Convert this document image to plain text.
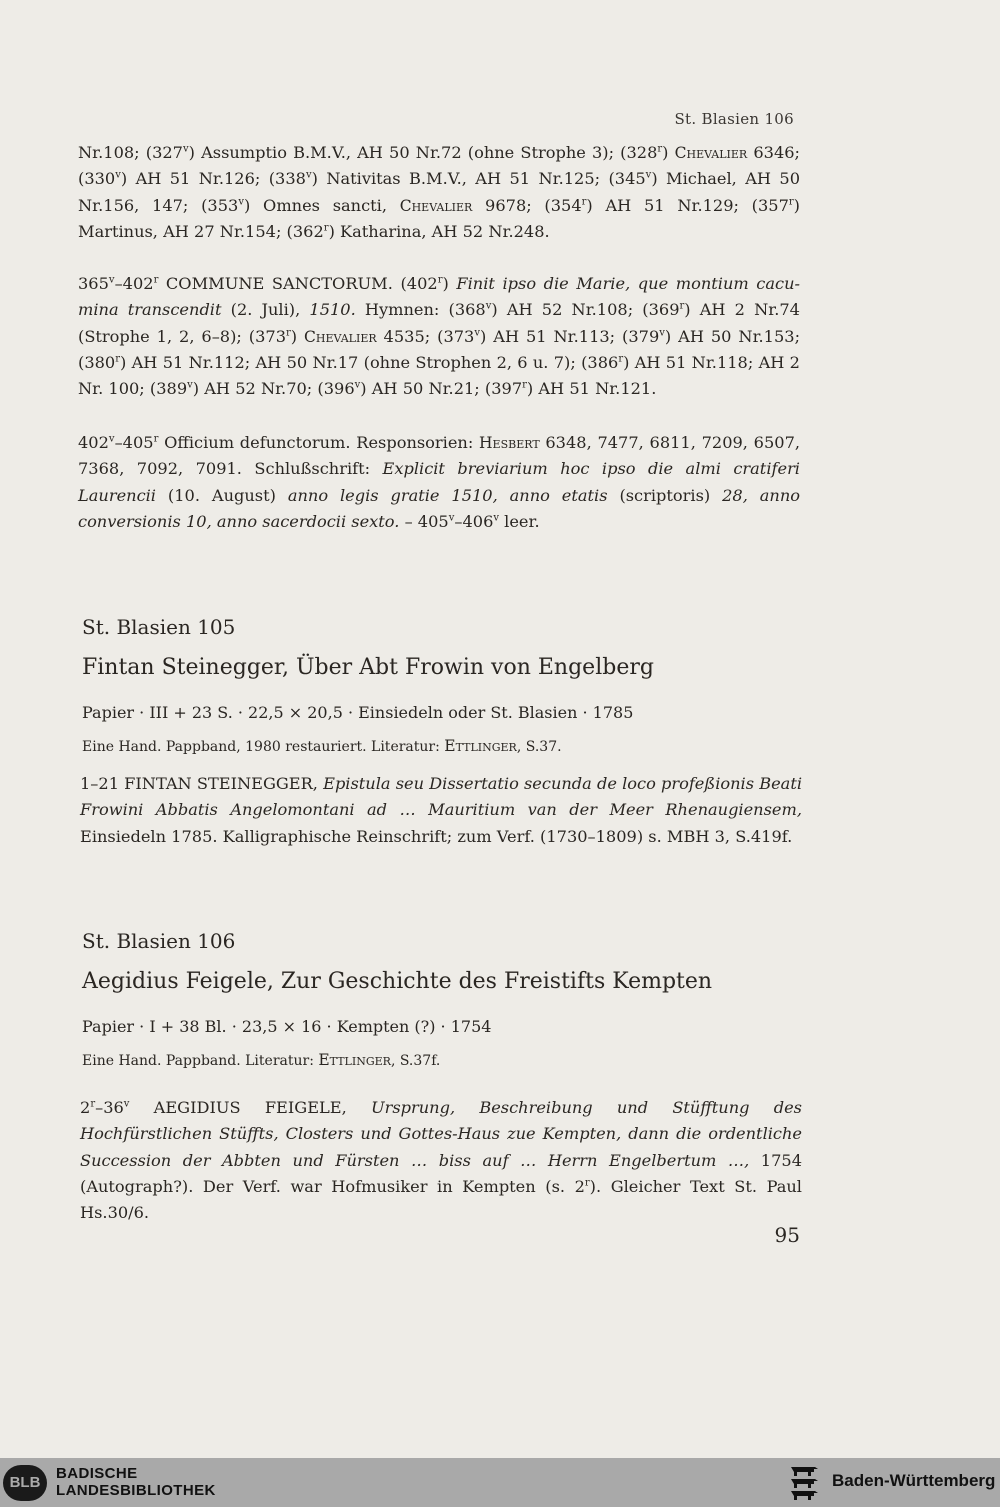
St. Blasien 106

Nr.108; (327$^v$) Assumptio B.M.V., AH 50 Nr.72 (ohne Strophe 3); (328$^r$) Chevalier 6346; (330$^v$) AH 51 Nr.126; (338$^v$) Nativitas B.M.V., AH 51 Nr.125; (345$^v$) Michael, AH 50 Nr.156, 147; (353$^v$) Omnes sancti, Chevalier 9678; (354$^r$) AH 51 Nr.129; (357$^r$) Martinus, AH 27 Nr.154; (362$^r$) Katharina, AH 52 Nr.248.

365$^v$–402$^r$ COMMUNE SANCTORUM. (402$^r$) Finit ipso die Marie, que montium cacumina transcendit (2. Juli), 1510. Hymnen: (368$^v$) AH 52 Nr.108; (369$^r$) AH 2 Nr.74 (Strophe 1, 2, 6–8); (373$^r$) Chevalier 4535; (373$^v$) AH 51 Nr.113; (379$^v$) AH 50 Nr.153; (380$^r$) AH 51 Nr.112; AH 50 Nr.17 (ohne Strophen 2, 6 u. 7); (386$^r$) AH 51 Nr.118; AH 2 Nr. 100; (389$^v$) AH 52 Nr.70; (396$^v$) AH 50 Nr.21; (397$^r$) AH 51 Nr.121.

402$^v$–405$^r$ Officium defunctorum. Responsorien: Hesbert 6348, 7477, 6811, 7209, 6507, 7368, 7092, 7091. Schlußschrift: Explicit breviarium hoc ipso die almi cratiferi Laurencii (10. August) anno legis gratie 1510, anno etatis (scriptoris) 28, anno conversionis 10, anno sacerdocii sexto. – 405$^v$–406$^v$ leer.

St. Blasien 105
Fintan Steinegger, Über Abt Frowin von Engelberg
Papier · III + 23 S. · 22,5 × 20,5 · Einsiedeln oder St. Blasien · 1785
Eine Hand. Pappband, 1980 restauriert. Literatur: Ettlinger, S.37.

1–21 FINTAN STEINEGGER, Epistula seu Dissertatio secunda de loco profeßionis Beati Frowini Abbatis Angelomontani ad … Mauritium van der Meer Rhenaugiensem, Einsiedeln 1785. Kalligraphische Reinschrift; zum Verf. (1730–1809) s. MBH 3, S.419f.

St. Blasien 106
Aegidius Feigele, Zur Geschichte des Freistifts Kempten
Papier · I + 38 Bl. · 23,5 × 16 · Kempten (?) · 1754
Eine Hand. Pappband. Literatur: Ettlinger, S.37f.

2$^r$–36$^v$ AEGIDIUS FEIGELE, Ursprung, Beschreibung und Stüfftung des Hochfürstlichen Stüffts, Closters und Gottes-Haus zue Kempten, dann die ordentliche Succession der Abbten und Fürsten … biss auf … Herrn Engelbertum …, 1754 (Autograph?). Der Verf. war Hofmusiker in Kempten (s. 2$^r$). Gleicher Text St. Paul Hs.30/6.

95
BLB
BADISCHE
LANDESBIBLIOTHEK
Baden-Württemberg
